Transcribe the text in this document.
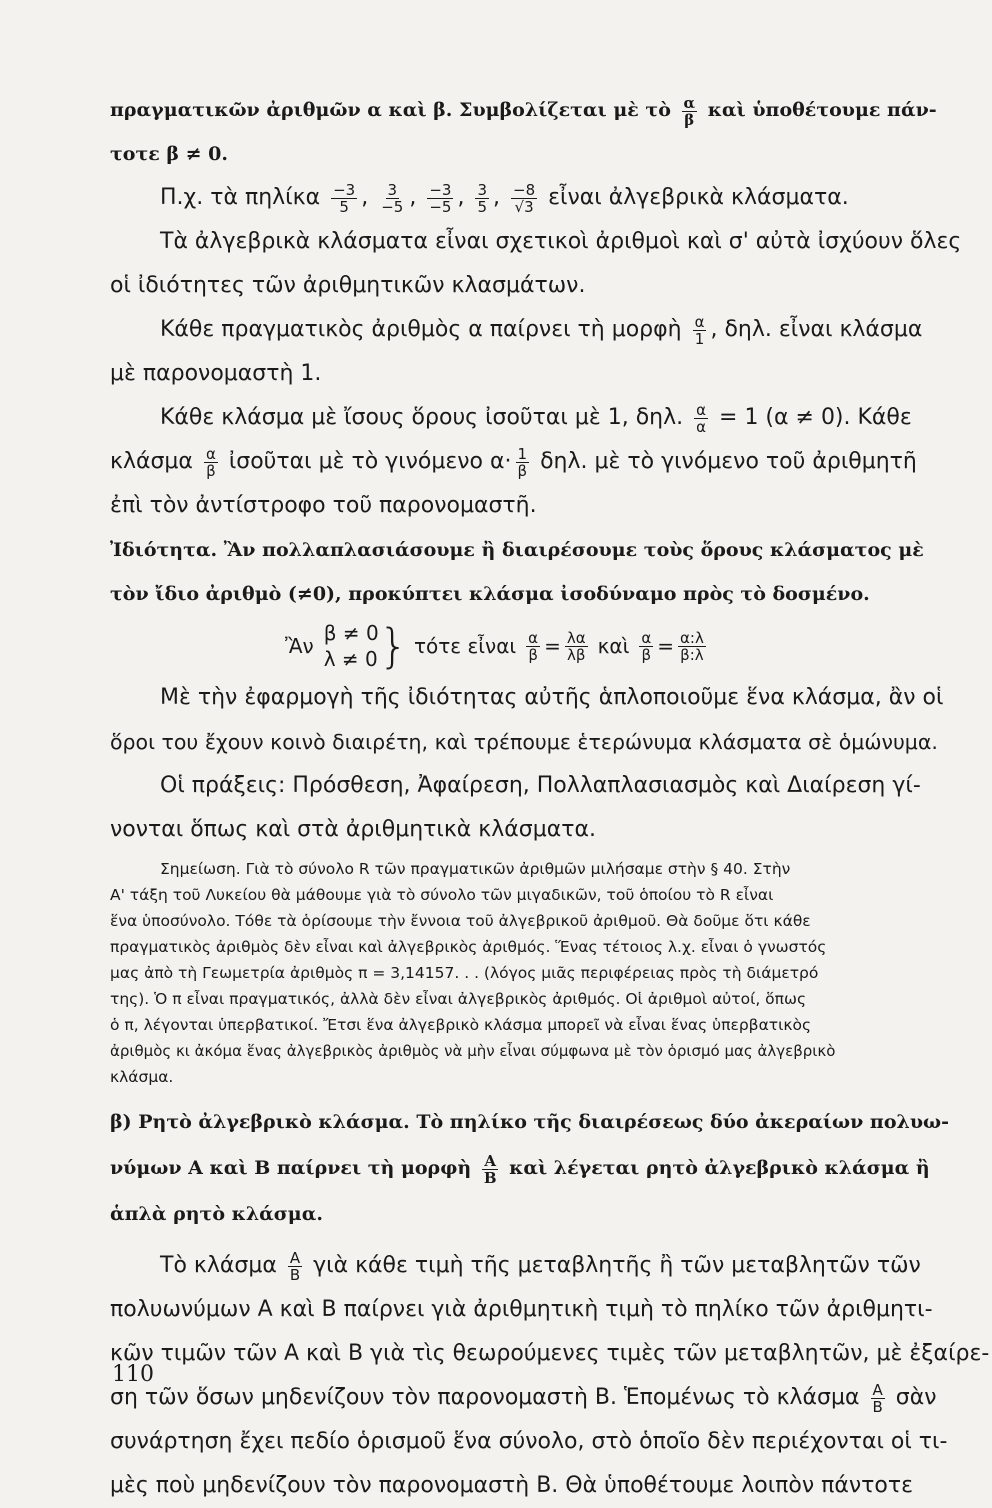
πραγματικῶν ἀριθμῶν α καὶ β. Συμβολίζεται μὲ τὸ $\frac{\alpha}{\beta}$ καὶ ὑποθέτουμε πάν-
τοτε β ≠ 0.
Π.χ. τὰ πηλίκα $\frac{-3}{5}$ , $\frac{3}{-5}$ , $\frac{-3}{-5}$ , $\frac{3}{5}$ , $\frac{-8}{√3}$ εἶναι ἀλγεβρικὰ κλάσματα.
Τὰ ἀλγεβρικὰ κλάσματα εἶναι σχετικοὶ ἀριθμοὶ καὶ σ' αὐτὰ ἰσχύουν ὅλες
οἱ ἰδιότητες τῶν ἀριθμητικῶν κλασμάτων.
Κάθε πραγματικὸς ἀριθμὸς α παίρνει τὴ μορφὴ $\frac{\alpha}{1}$ , δηλ. εἶναι κλάσμα
μὲ παρονομαστὴ 1.
Κάθε κλάσμα μὲ ἴσους ὅρους ἰσοῦται μὲ 1, δηλ. $\frac{\alpha}{\alpha} = 1$ (α ≠ 0). Κάθε
κλάσμα $\frac{\alpha}{\beta}$ ἰσοῦται μὲ τὸ γινόμενο $\alpha\cdot \frac{1}{\beta} \delta\eta\lambda$. μὲ τὸ γινόμενο τοῦ ἀριθμητῆ
ἐπὶ τὸν ἀντίστροφο τοῦ παρονομαστῆ.
Ἰδιότητα. Ἂν πολλαπλασιάσουμε ἢ διαιρέσουμε τοὺς ὅρους κλάσματος μὲ
τὸν ἴδιο ἀριθμὸ (≠0), προκύπτει κλάσμα ἰσοδύναμο πρὸς τὸ δοσμένο.
Ἂν
β ≠ 0
λ ≠ 0 } τότε εἶναι $\frac{\alpha}{\beta} = \frac{\lambda\alpha}{\lambda\beta}$ καὶ $\frac{\alpha}{\beta} = \frac{\alpha:\lambda}{\beta:\lambda}$
Μὲ τὴν ἐφαρμογὴ τῆς ἰδιότητας αὐτῆς ἁπλοποιοῦμε ἕνα κλάσμα, ἂν οἱ
ὅροι του ἔχουν κοινὸ διαιρέτη, καὶ τρέπουμε ἑτερώνυμα κλάσματα σὲ ὁμώνυμα.
Οἱ πράξεις: Πρόσθεση, Ἀφαίρεση, Πολλαπλασιασμὸς καὶ Διαίρεση γί-
νονται ὅπως καὶ στὰ ἀριθμητικὰ κλάσματα.
Σημείωση. Γιὰ τὸ σύνολο R τῶν πραγματικῶν ἀριθμῶν μιλήσαμε στὴν § 40. Στὴν
Α' τάξη τοῦ Λυκείου θὰ μάθουμε γιὰ τὸ σύνολο τῶν μιγαδικῶν, τοῦ ὁποίου τὸ R εἶναι
ἕνα ὑποσύνολο. Τόθε τὰ ὁρίσουμε τὴν ἔννοια τοῦ ἀλγεβρικοῦ ἀριθμοῦ. Θὰ δοῦμε ὅτι κάθε
πραγματικὸς ἀριθμὸς δὲν εἶναι καὶ ἀλγεβρικὸς ἀριθμός. Ἕνας τέτοιος λ.χ. εἶναι ὁ γνωστός
μας ἀπὸ τὴ Γεωμετρία ἀριθμὸς π = 3,14157. . . (λόγος μιᾶς περιφέρειας πρὸς τὴ διάμετρό
της). Ὁ π εἶναι πραγματικός, ἀλλὰ δὲν εἶναι ἀλγεβρικὸς ἀριθμός. Οἱ ἀριθμοὶ αὐτοί, ὅπως
ὁ π, λέγονται ὑπερβατικοί. Ἔτσι ἕνα ἀλγεβρικὸ κλάσμα μπορεῖ νὰ εἶναι ἕνας ὑπερβατικὸς
ἀριθμὸς κι ἀκόμα ἕνας ἀλγεβρικὸς ἀριθμὸς νὰ μὴν εἶναι σύμφωνα μὲ τὸν ὁρισμό μας ἀλγεβρικὸ
κλάσμα.
β) Ρητὸ ἀλγεβρικὸ κλάσμα. Τὸ πηλίκο τῆς διαιρέσεως δύο ἀκεραίων πολυω-
νύμων Α καὶ Β παίρνει τὴ μορφὴ $\frac{A}{B}$ καὶ λέγεται ρητὸ ἀλγεβρικὸ κλάσμα ἢ
ἁπλὰ ρητὸ κλάσμα.
Τὸ κλάσμα $\frac{A}{B}$ γιὰ κάθε τιμὴ τῆς μεταβλητῆς ἢ τῶν μεταβλητῶν τῶν
πολυωνύμων Α καὶ Β παίρνει γιὰ ἀριθμητικὴ τιμὴ τὸ πηλίκο τῶν ἀριθμητι-
κῶν τιμῶν τῶν Α καὶ Β γιὰ τὶς θεωρούμενες τιμὲς τῶν μεταβλητῶν, μὲ ἐξαίρε-
ση τῶν ὅσων μηδενίζουν τὸν παρονομαστὴ Β. Ἑπομένως τὸ κλάσμα $\frac{A}{B}$ σὰν
συνάρτηση ἔχει πεδίο ὁρισμοῦ ἕνα σύνολο, στὸ ὁποῖο δὲν περιέχονται οἱ τι-
μὲς ποὺ μηδενίζουν τὸν παρονομαστὴ Β. Θὰ ὑποθέτουμε λοιπὸν πάντοτε
110
